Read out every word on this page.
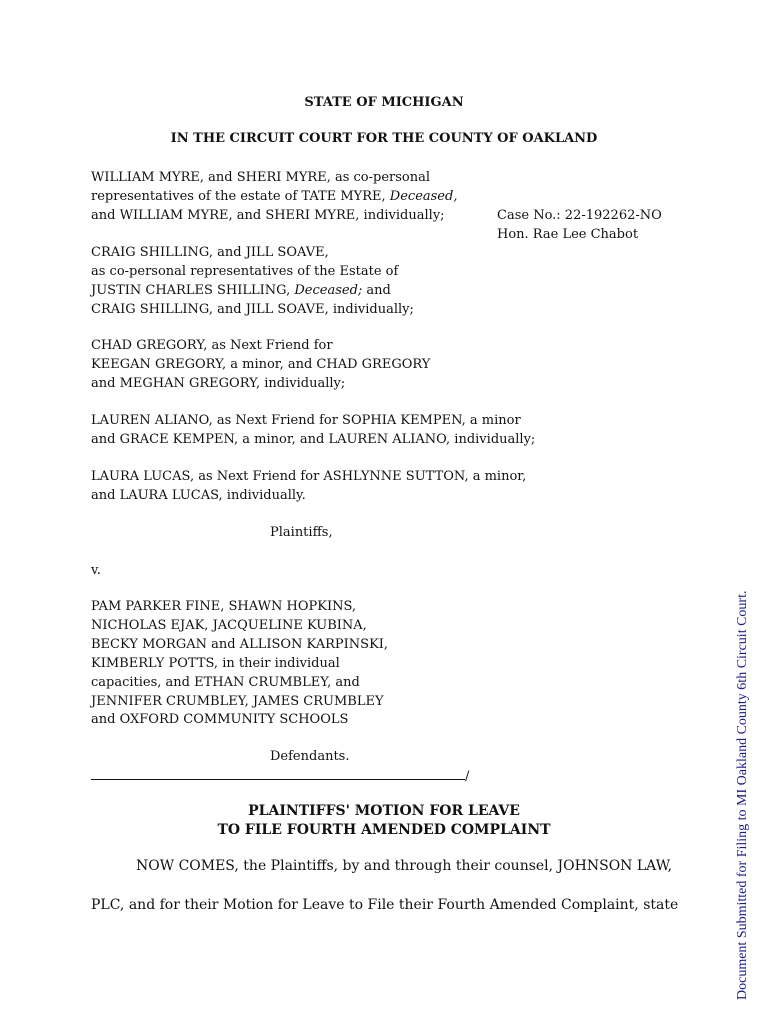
STATE OF MICHIGAN
IN THE CIRCUIT COURT FOR THE COUNTY OF OAKLAND
WILLIAM MYRE, and SHERI MYRE, as co-personal
representatives of the estate of TATE MYRE, Deceased,
and WILLIAM MYRE, and SHERI MYRE, individually;	Case No.: 22-192262-NO
Hon. Rae Lee Chabot
CRAIG SHILLING, and JILL SOAVE,
as co-personal representatives of the Estate of
JUSTIN CHARLES SHILLING, Deceased; and
CRAIG SHILLING, and JILL SOAVE, individually;
CHAD GREGORY, as Next Friend for
KEEGAN GREGORY, a minor, and CHAD GREGORY
and MEGHAN GREGORY, individually;
LAUREN ALIANO, as Next Friend for SOPHIA KEMPEN, a minor
and GRACE KEMPEN, a minor, and LAUREN ALIANO, individually;
LAURA LUCAS, as Next Friend for ASHLYNNE SUTTON, a minor,
and LAURA LUCAS, individually.
Plaintiffs,
v.
PAM PARKER FINE, SHAWN HOPKINS,
NICHOLAS EJAK, JACQUELINE KUBINA,
BECKY MORGAN and ALLISON KARPINSKI,
KIMBERLY POTTS, in their individual
capacities, and ETHAN CRUMBLEY, and
JENNIFER CRUMBLEY, JAMES CRUMBLEY
and OXFORD COMMUNITY SCHOOLS
Defendants.
/
PLAINTIFFS' MOTION FOR LEAVE
TO FILE FOURTH AMENDED COMPLAINT
NOW COMES, the Plaintiffs, by and through their counsel, JOHNSON LAW,
PLC, and for their Motion for Leave to File their Fourth Amended Complaint, state	Document Submitted for Filing to MI Oakland County 6th Circuit Court.
